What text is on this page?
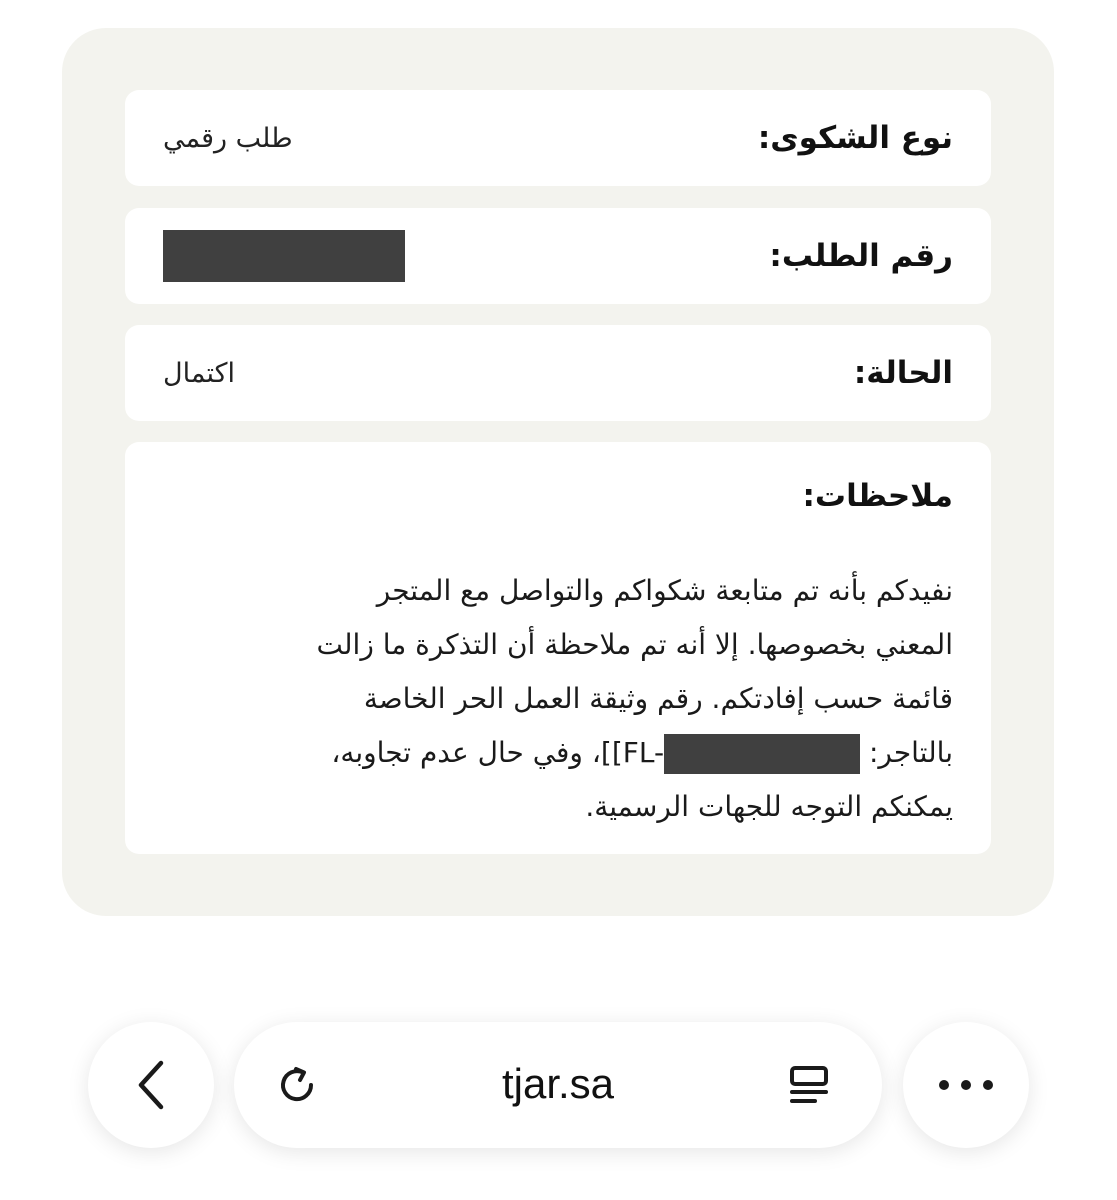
نوع الشكوى:
طلب رقمي
رقم الطلب:
الحالة:
اكتمال
ملاحظات:
نفيدكم بأنه تم متابعة شكواكم والتواصل مع المتجر
المعني بخصوصها. إلا أنه تم ملاحظة أن التذكرة ما زالت
قائمة حسب إفادتكم. رقم وثيقة العمل الحر الخاصة
بالتاجر: [FL-]، وفي حال عدم تجاوبه،
يمكنكم التوجه للجهات الرسمية.
tjar.sa
